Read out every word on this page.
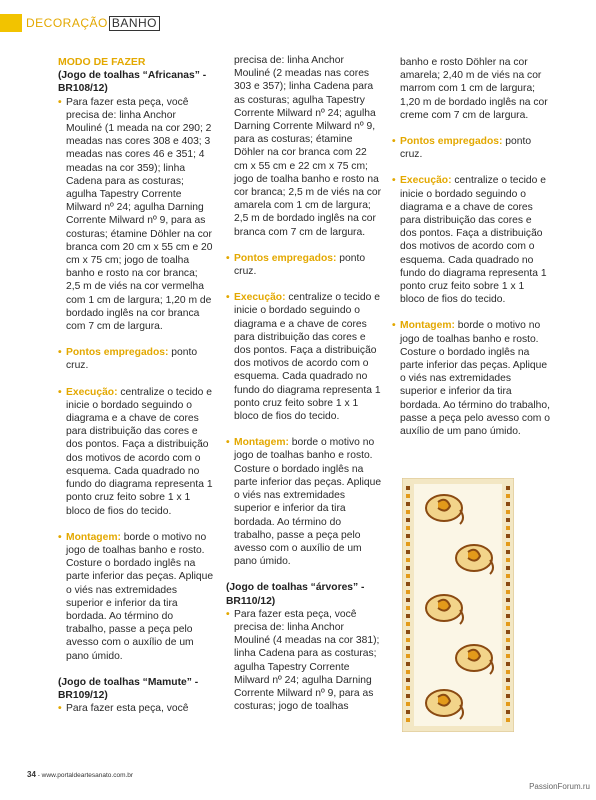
DECORAÇÃO BANHO

MODO DE FAZER

(Jogo de toalhas “Africanas” - BR108/12)

• Para fazer esta peça, você precisa de: linha Anchor Mouliné (1 meada na cor 290; 2 meadas nas cores 308 e 403; 3 meadas nas cores 46 e 351; 4 meadas na cor 359); linha Cadena para as costuras; agulha Tapestry Corrente Milward nº 24; agulha Darning Corrente Milward nº 9, para as costuras; étamine Döhler na cor branca com 20 cm x 55 cm e 20 cm x 75 cm; jogo de toalha banho e rosto na cor branca; 2,5 m de viés na cor vermelha com 1 cm de largura; 1,20 m de bordado inglês na cor branca com 7 cm de largura.

• Pontos empregados: ponto cruz.

• Execução: centralize o tecido e inicie o bordado seguindo o diagrama e a chave de cores para distribuição das cores e dos pontos. Faça a distribuição dos motivos de acordo com o esquema. Cada quadrado no fundo do diagrama representa 1 ponto cruz feito sobre 1 x 1 bloco de fios do tecido.

• Montagem: borde o motivo no jogo de toalhas banho e rosto. Costure o bordado inglês na parte inferior das peças. Aplique o viés nas extremidades superior e inferior da tira bordada. Ao término do trabalho, passe a peça pelo avesso com o auxílio de um pano úmido.

(Jogo de toalhas “Mamute” - BR109/12)

• Para fazer esta peça, você

precisa de: linha Anchor Mouliné (2 meadas nas cores 303 e 357); linha Cadena para as costuras; agulha Tapestry Corrente Milward nº 24; agulha Darning Corrente Milward nº 9, para as costuras; étamine Döhler na cor branca com 22 cm x 55 cm e 22 cm x 75 cm; jogo de toalha banho e rosto na cor branca; 2,5 m de viés na cor amarela com 1 cm de largura; 2,5 m de bordado inglês na cor branca com 7 cm de largura.

• Pontos empregados: ponto cruz.

• Execução: centralize o tecido e inicie o bordado seguindo o diagrama e a chave de cores para distribuição das cores e dos pontos. Faça a distribuição dos motivos de acordo com o esquema. Cada quadrado no fundo do diagrama representa 1 ponto cruz feito sobre 1 x 1 bloco de fios do tecido.

• Montagem: borde o motivo no jogo de toalhas banho e rosto. Costure o bordado inglês na parte inferior das peças. Aplique o viés nas extremidades superior e inferior da tira bordada. Ao término do trabalho, passe a peça pelo avesso com o auxílio de um pano úmido.

(Jogo de toalhas “árvores” - BR110/12)

• Para fazer esta peça, você precisa de: linha Anchor Mouliné (4 meadas na cor 381); linha Cadena para as costuras; agulha Tapestry Corrente Milward nº 24; agulha Darning Corrente Milward nº 9, para as costuras; jogo de toalhas

banho e rosto Döhler na cor amarela; 2,40 m de viés na cor marrom com 1 cm de largura; 1,20 m de bordado inglês na cor creme com 7 cm de largura.

• Pontos empregados: ponto cruz.

• Execução: centralize o tecido e inicie o bordado seguindo o diagrama e a chave de cores para distribuição das cores e dos pontos. Faça a distribuição dos motivos de acordo com o esquema. Cada quadrado no fundo do diagrama representa 1 ponto cruz feito sobre 1 x 1 bloco de fios do tecido.

• Montagem: borde o motivo no jogo de toalhas banho e rosto. Costure o bordado inglês na parte inferior das peças. Aplique o viés nas extremidades superior e inferior da tira bordada. Ao término do trabalho, passe a peça pelo avesso com o auxílio de um pano úmido.

34 - www.portaldeartesanato.com.br
PassionForum.ru
